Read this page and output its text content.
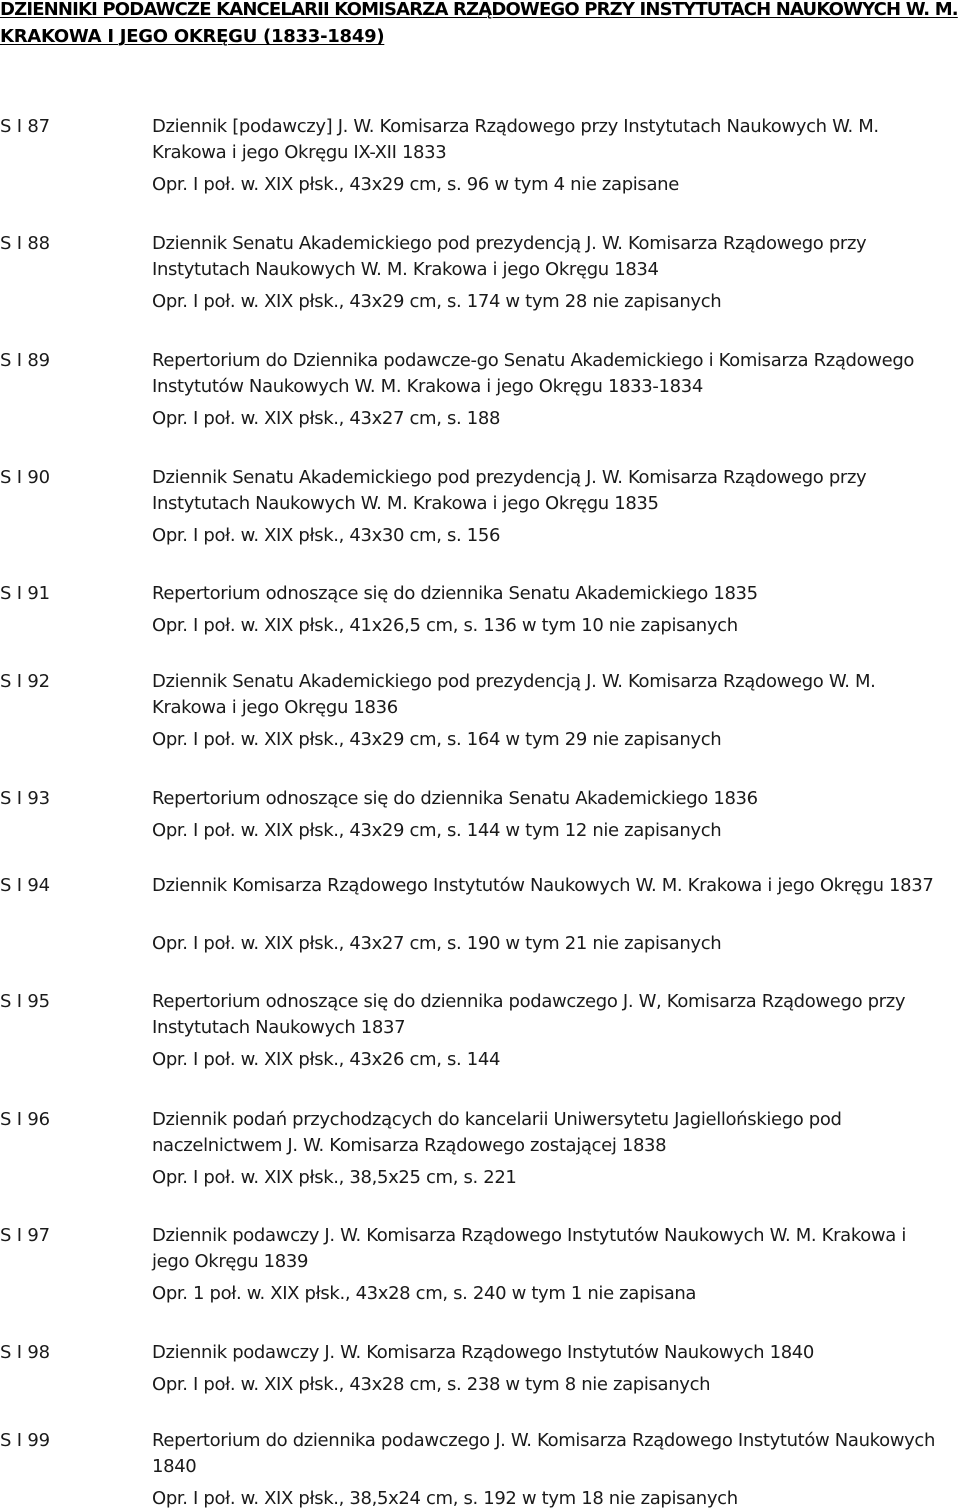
DZIENNIKI PODAWCZE KANCELARII KOMISARZA RZĄDOWEGO PRZY INSTYTUTACH NAUKOWYCH W. M.
KRAKOWA I JEGO OKRĘGU (1833-1849)
S I 87	Dziennik [podawczy] J. W. Komisarza Rządowego przy Instytutach Naukowych W. M.
Krakowa i jego Okręgu IX-XII 1833
Opr. I poł. w. XIX płsk., 43x29 cm, s. 96 w tym 4 nie zapisane
S I 88	Dziennik Senatu Akademickiego pod prezydencją J. W. Komisarza Rządowego przy
Instytutach Naukowych W. M. Krakowa i jego Okręgu 1834
Opr. I poł. w. XIX płsk., 43x29 cm, s. 174 w tym 28 nie zapisanych
S I 89	Repertorium do Dziennika podawcze-go Senatu Akademickiego i Komisarza Rządowego
Instytutów Naukowych W. M. Krakowa i jego Okręgu 1833-1834
Opr. I poł. w. XIX płsk., 43x27 cm, s. 188
S I 90	Dziennik Senatu Akademickiego pod prezydencją J. W. Komisarza Rządowego przy
Instytutach Naukowych W. M. Krakowa i jego Okręgu 1835
Opr. I poł. w. XIX płsk., 43x30 cm, s. 156
S I 91	Repertorium odnoszące się do dziennika Senatu Akademickiego 1835
Opr. I poł. w. XIX płsk., 41x26,5 cm, s. 136 w tym 10 nie zapisanych
S I 92	Dziennik Senatu Akademickiego pod prezydencją J. W. Komisarza Rządowego W. M.
Krakowa i jego Okręgu 1836
Opr. I poł. w. XIX płsk., 43x29 cm, s. 164 w tym 29 nie zapisanych
S I 93	Repertorium odnoszące się do dziennika Senatu Akademickiego 1836
Opr. I poł. w. XIX płsk., 43x29 cm, s. 144 w tym 12 nie zapisanych
S I 94	Dziennik Komisarza Rządowego Instytutów Naukowych W. M. Krakowa i jego Okręgu 1837
Opr. I poł. w. XIX płsk., 43x27 cm, s. 190 w tym 21 nie zapisanych
S I 95	Repertorium odnoszące się do dziennika podawczego J. W, Komisarza Rządowego przy
Instytutach Naukowych 1837
Opr. I poł. w. XIX płsk., 43x26 cm, s. 144
S I 96	Dziennik podań przychodzących do kancelarii Uniwersytetu Jagiellońskiego pod
naczelnictwem J. W. Komisarza Rządowego zostającej 1838
Opr. I poł. w. XIX płsk., 38,5x25 cm, s. 221
S I 97	Dziennik podawczy J. W. Komisarza Rządowego Instytutów Naukowych W. M. Krakowa i
jego Okręgu 1839
Opr. 1 poł. w. XIX płsk., 43x28 cm, s. 240 w tym 1 nie zapisana
S I 98	Dziennik podawczy J. W. Komisarza Rządowego Instytutów Naukowych 1840
Opr. I poł. w. XIX płsk., 43x28 cm, s. 238 w tym 8 nie zapisanych
S I 99	Repertorium do dziennika podawczego J. W. Komisarza Rządowego Instytutów Naukowych
1840
Opr. I poł. w. XIX płsk., 38,5x24 cm, s. 192 w tym 18 nie zapisanych
